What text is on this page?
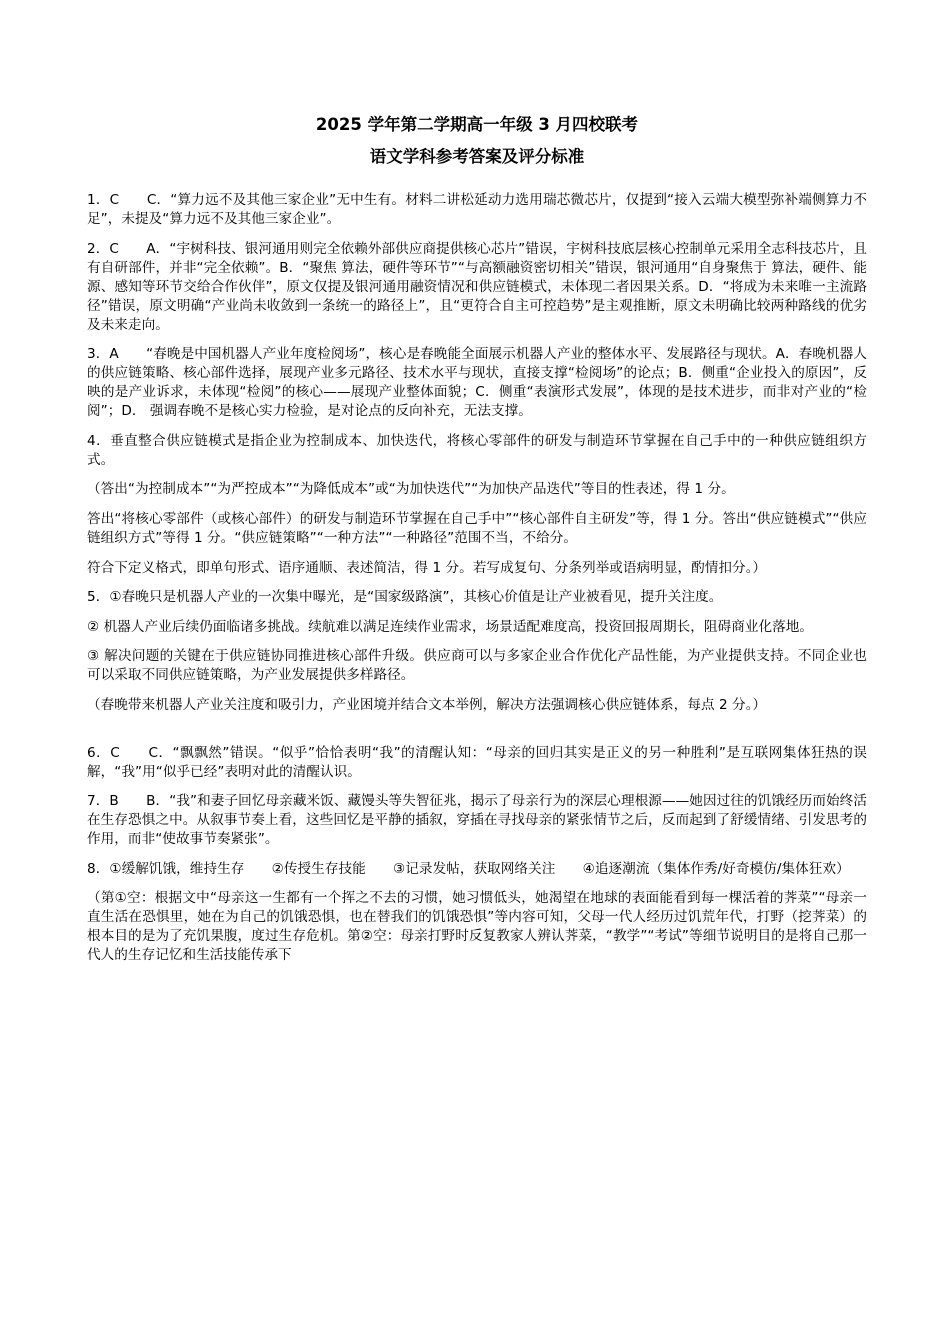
2025 学年第二学期高一年级 3 月四校联考
语文学科参考答案及评分标准

1．C　　C．“算力远不及其他三家企业”无中生有。材料二讲松延动力选用瑞芯微芯片，仅提到“接入云端大模型弥补端侧算力不足”，未提及“算力远不及其他三家企业”。

2．C　　A．“宇树科技、银河通用则完全依赖外部供应商提供核心芯片”错误，宇树科技底层核心控制单元采用全志科技芯片，且有自研部件，并非“完全依赖”。B．“聚焦 算法，硬件等环节”“与高额融资密切相关”错误，银河通用“自身聚焦于 算法，硬件、能源、感知等环节交给合作伙伴”，原文仅提及银河通用融资情况和供应链模式，未体现二者因果关系。D．“将成为未来唯一主流路径”错误，原文明确“产业尚未收敛到一条统一的路径上”，且“更符合自主可控趋势”是主观推断，原文未明确比较两种路线的优劣及未来走向。

3．A　　“春晚是中国机器人产业年度检阅场”，核心是春晚能全面展示机器人产业的整体水平、发展路径与现状。A．春晚机器人的供应链策略、核心部件选择，展现产业多元路径、技术水平与现状，直接支撑“检阅场”的论点；B．侧重“企业投入的原因”，反映的是产业诉求，未体现“检阅”的核心——展现产业整体面貌；C．侧重“表演形式发展”，体现的是技术进步，而非对产业的“检阅”；D． 强调春晚不是核心实力检验，是对论点的反向补充，无法支撑。

4．垂直整合供应链模式是指企业为控制成本、加快迭代，将核心零部件的研发与制造环节掌握在自己手中的一种供应链组织方式。

（答出“为控制成本”“为严控成本”“为降低成本”或“为加快迭代”“为加快产品迭代”等目的性表述，得 1 分。

答出“将核心零部件（或核心部件）的研发与制造环节掌握在自己手中”“核心部件自主研发”等，得 1 分。答出“供应链模式”“供应链组织方式”等得 1 分。“供应链策略”“一种方法”“一种路径”范围不当，不给分。

符合下定义格式，即单句形式、语序通顺、表述简洁，得 1 分。若写成复句、分条列举或语病明显，酌情扣分。）

5．①春晚只是机器人产业的一次集中曝光，是“国家级路演”，其核心价值是让产业被看见，提升关注度。

② 机器人产业后续仍面临诸多挑战。续航难以满足连续作业需求，场景适配难度高，投资回报周期长，阻碍商业化落地。

③ 解决问题的关键在于供应链协同推进核心部件升级。供应商可以与多家企业合作优化产品性能，为产业提供支持。不同企业也可以采取不同供应链策略，为产业发展提供多样路径。

（春晚带来机器人产业关注度和吸引力，产业困境并结合文本举例，解决方法强调核心供应链体系，每点 2 分。）

6．C　　C．“飘飘然”错误。“似乎”恰恰表明“我”的清醒认知：“母亲的回归其实是正义的另一种胜利”是互联网集体狂热的误解，“我”用“似乎已经”表明对此的清醒认识。

7．B　　B．“我”和妻子回忆母亲藏米饭、藏馒头等失智征兆，揭示了母亲行为的深层心理根源——她因过往的饥饿经历而始终活在生存恐惧之中。从叙事节奏上看，这些回忆是平静的插叙，穿插在寻找母亲的紧张情节之后，反而起到了舒缓情绪、引发思考的作用，而非“使故事节奏紧张”。

8．①缓解饥饿，维持生存　　②传授生存技能　　③记录发帖，获取网络关注　　④追逐潮流（集体作秀/好奇模仿/集体狂欢）

（第①空：根据文中“母亲这一生都有一个挥之不去的习惯，她习惯低头，她渴望在地球的表面能看到每一棵活着的荠菜”“母亲一直生活在恐惧里，她在为自己的饥饿恐惧，也在替我们的饥饿恐惧”等内容可知，父母一代人经历过饥荒年代，打野（挖荠菜）的根本目的是为了充饥果腹，度过生存危机。第②空：母亲打野时反复教家人辨认荠菜，“教学”“考试”等细节说明目的是将自己那一代人的生存记忆和生活技能传承下
